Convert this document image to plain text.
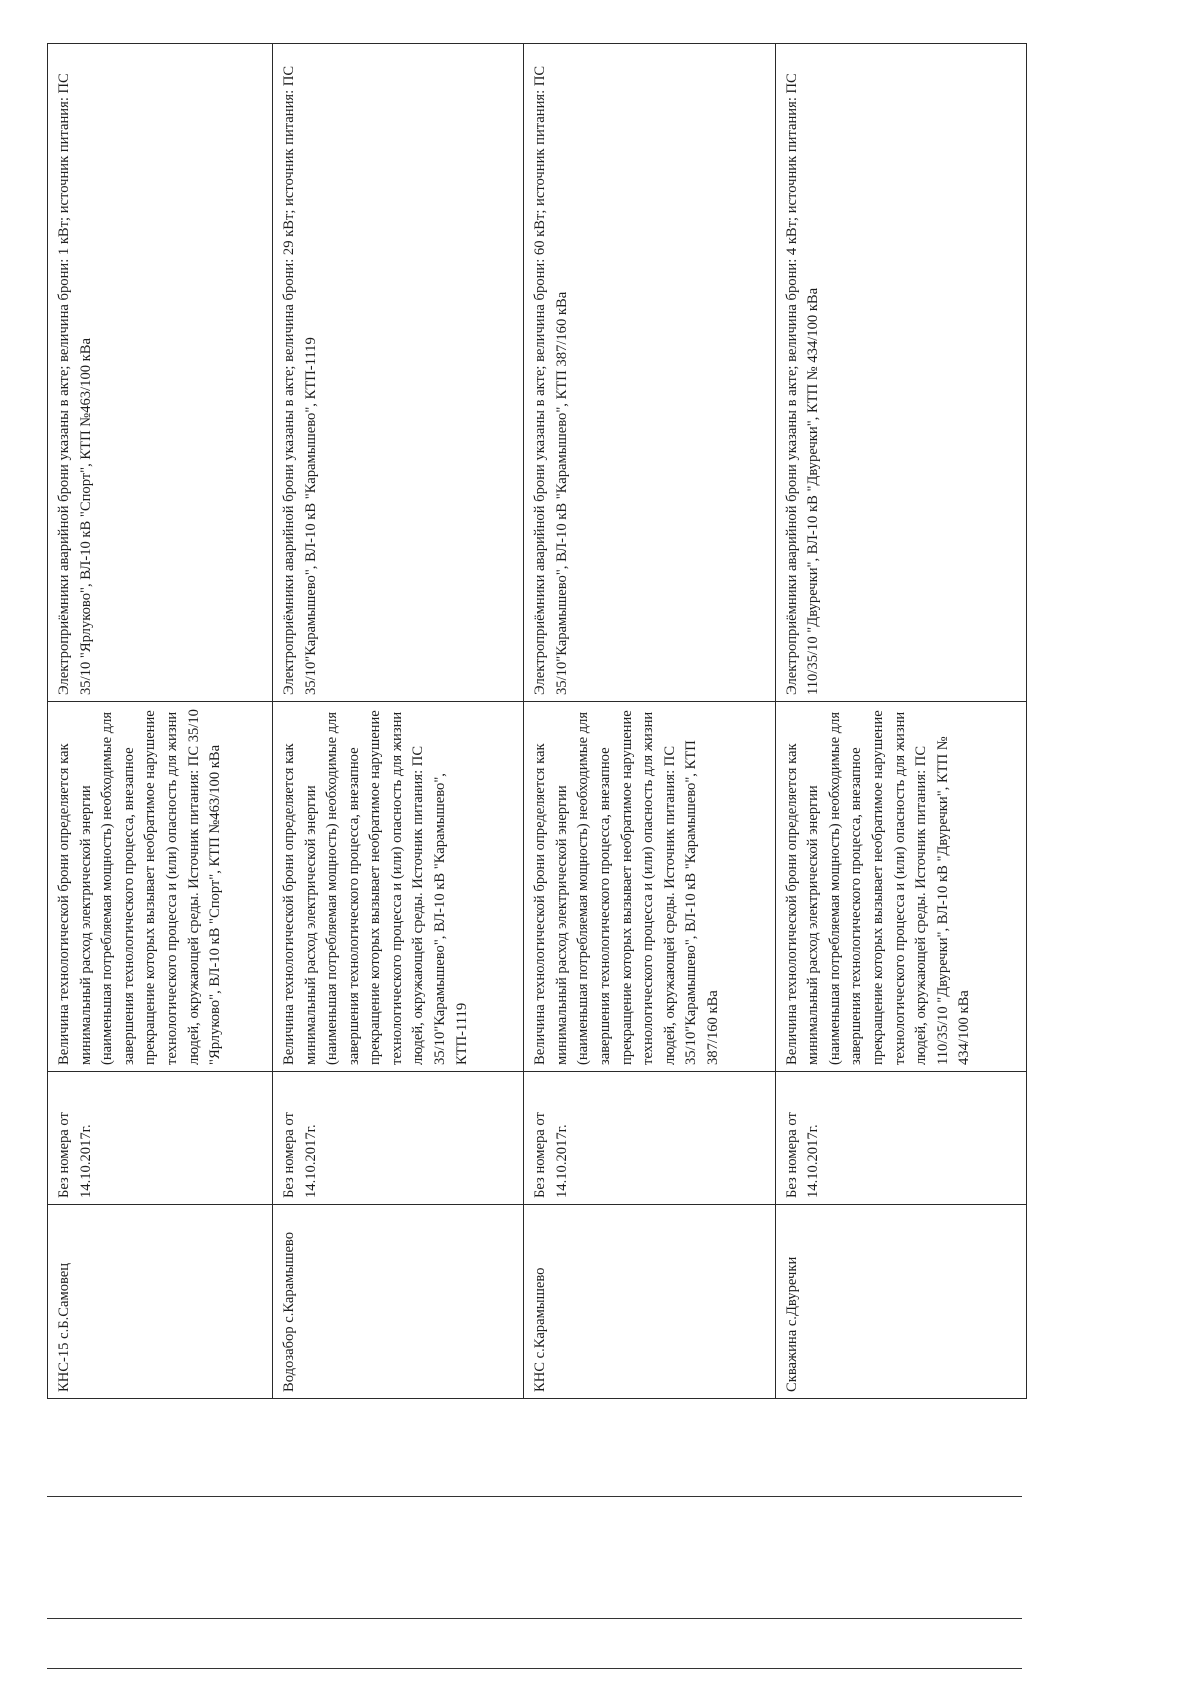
КНС-15 с.Б.Самовец	Без номера от 14.10.2017г.	Величина технологической брони определяется как минимальный расход электрической энергии (наименьшая потребляемая мощность) необходимые для завершения технологического процесса, внезапное прекращение которых вызывает необратимое нарушение технологического процесса и (или) опасность для жизни людей, окружающей среды. Источник питания: ПС 35/10 "Ярлуково", ВЛ-10 кВ "Спорт", КТП №463/100 кВа	Электроприёмники аварийной брони указаны в акте; величина брони: 1 кВт; источник питания: ПС 35/10 "Ярлуково", ВЛ-10 кВ "Спорт", КТП №463/100 кВа
Водозабор с.Карамышево	Без номера от 14.10.2017г.	Величина технологической брони определяется как минимальный расход электрической энергии (наименьшая потребляемая мощность) необходимые для завершения технологического процесса, внезапное прекращение которых вызывает необратимое нарушение технологического процесса и (или) опасность для жизни людей, окружающей среды. Источник питания: ПС 35/10"Карамышево", ВЛ-10 кВ "Карамышево", КТП-1119	Электроприёмники аварийной брони указаны в акте; величина брони: 29 кВт; источник питания: ПС 35/10"Карамышево", ВЛ-10 кВ "Карамышево", КТП-1119
КНС с.Карамышево	Без номера от 14.10.2017г.	Величина технологической брони определяется как минимальный расход электрической энергии (наименьшая потребляемая мощность) необходимые для завершения технологического процесса, внезапное прекращение которых вызывает необратимое нарушение технологического процесса и (или) опасность для жизни людей, окружающей среды. Источник питания: ПС 35/10"Карамышево", ВЛ-10 кВ "Карамышево", КТП 387/160 кВа	Электроприёмники аварийной брони указаны в акте; величина брони: 60 кВт; источник питания: ПС 35/10"Карамышево", ВЛ-10 кВ "Карамышево", КТП 387/160 кВа
Скважина с.Двуречки	Без номера от 14.10.2017г.	Величина технологической брони определяется как минимальный расход электрической энергии (наименьшая потребляемая мощность) необходимые для завершения технологического процесса, внезапное прекращение которых вызывает необратимое нарушение технологического процесса и (или) опасность для жизни людей, окружающей среды. Источник питания: ПС 110/35/10 "Двуречки", ВЛ-10 кВ "Двуречки", КТП № 434/100 кВа	Электроприёмники аварийной брони указаны в акте; величина брони: 4 кВт; источник питания: ПС 110/35/10 "Двуречки", ВЛ-10 кВ "Двуречки", КТП № 434/100 кВа
